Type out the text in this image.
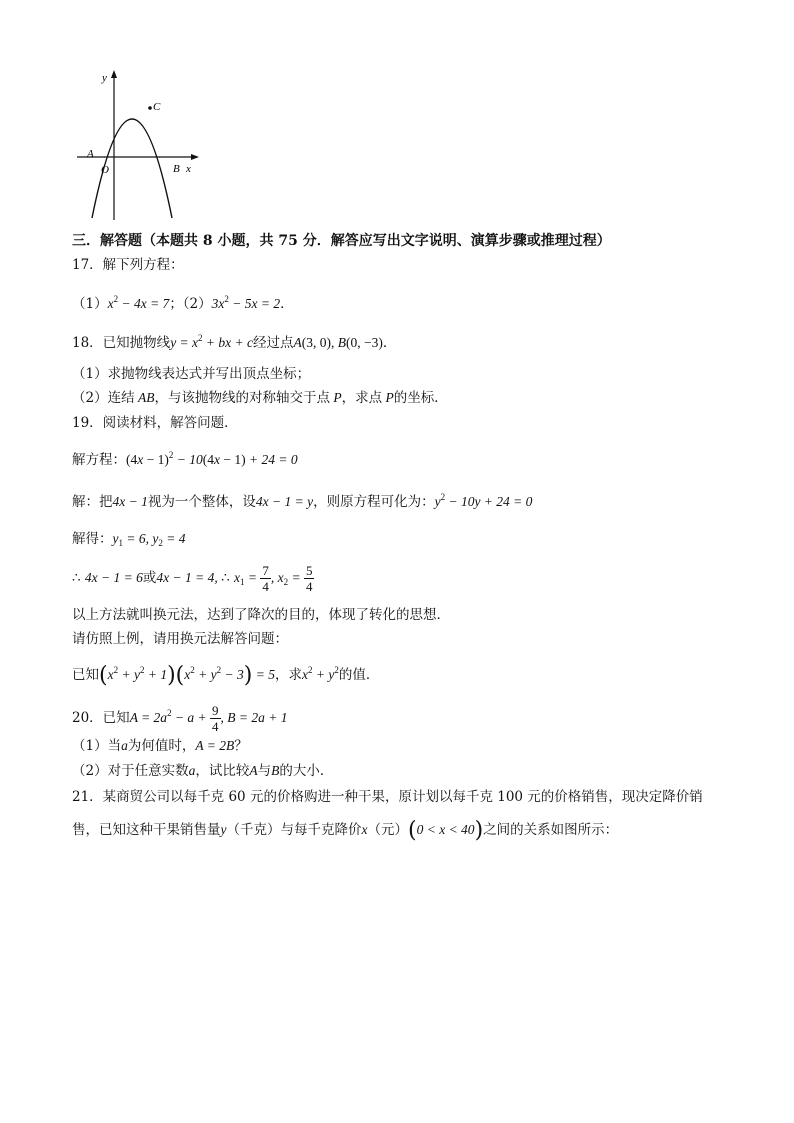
y
C
A
O	B x
三．解答题（本题共 8 小题，共 75 分．解答应写出文字说明、演算步骤或推理过程）
17．解下列方程：
$(1)x^2 - 4x = 7$；$(2)3x^2 - 5x = 2$．
18．已知抛物线$y = x^2$ + bx + c经过点A(3, 0), B(0, −3)．
（1）求抛物线表达式并写出顶点坐标；
（2）连结 AB，与该抛物线的对称轴交于点 P，求点 P的坐标．
19．阅读材料，解答问题．
解方程：$(4x - 1)^2 - 10(4x - 1) + 24 = 0$
解：把4x − 1视为一个整体，设4x − 1 = y，则原方程可化为：$y^2 - 10y + 24 = 0$
解得：$y_1 = 6$, $y_2 = 4$
∴ 4x − 1 = 6或4x − 1 = 4, ∴ $x_1 = \frac{7}{4}$ , $x_2 = \frac{5}{4}$
以上方法就叫换元法，达到了降次的目的，体现了转化的思想．
请仿照上例，请用换元法解答问题：
已知$(x^2 + y^2 + 1)(x^2 + y^2 - 3) = 5$，求$x^2 + y^2$的值．
20．已知$A = 2a^2 - a + \frac{9}{4}$ , B = 2a + 1
（1）当a为何值时，A = 2B？
（2）对于任意实数a，试比较A与B的大小．
21．某商贸公司以每千克 60 元的价格购进一种干果，原计划以每千克 100 元的价格销售，现决定降价销
售，已知这种干果销售量y（千克）与每千克降价x（元）(0 < x < 40)之间的关系如图所示：
